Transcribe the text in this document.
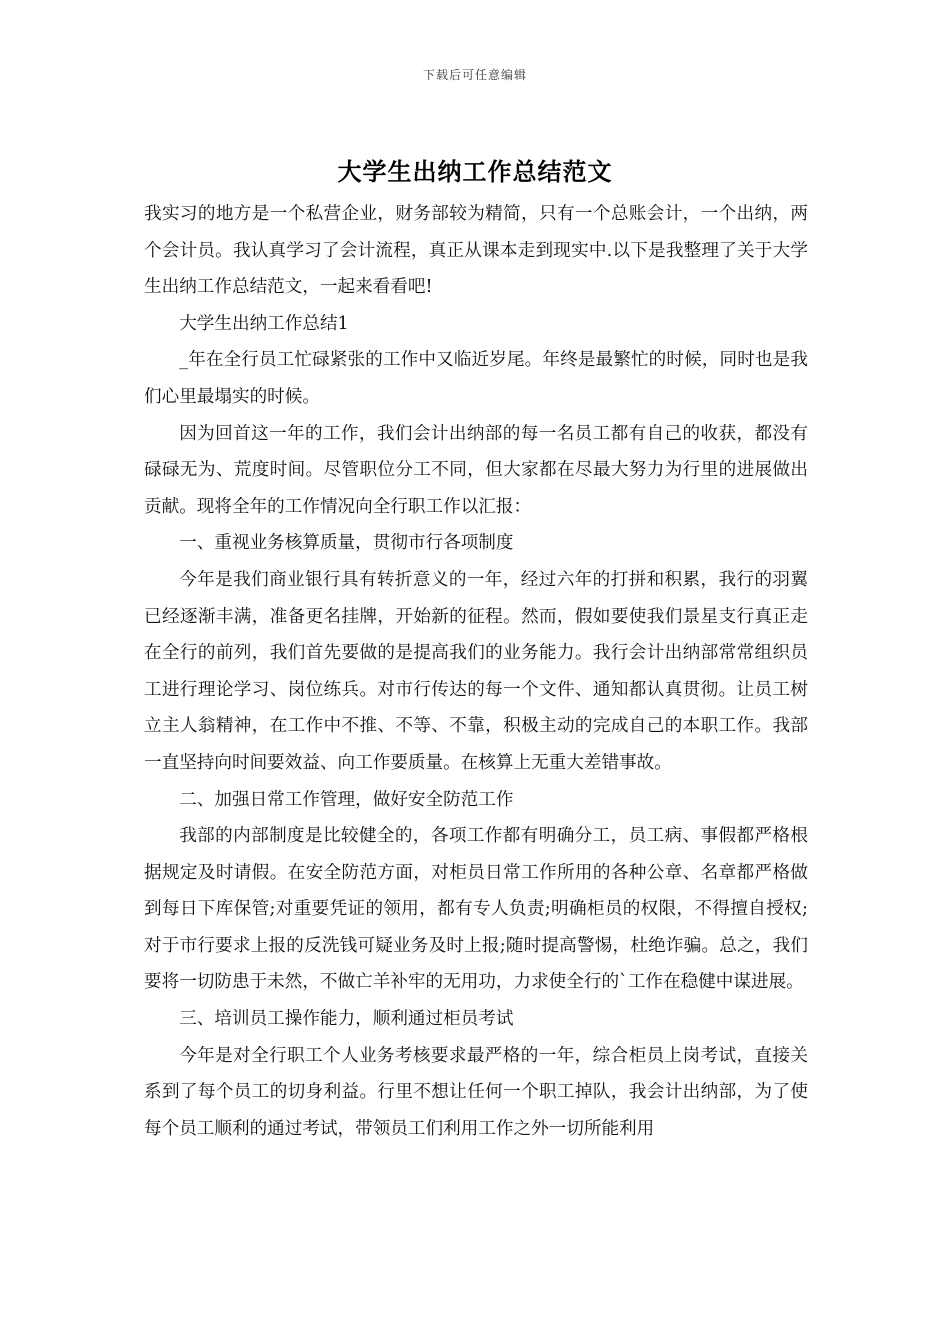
下载后可任意编辑
大学生出纳工作总结范文

我实习的地方是一个私营企业，财务部较为精简，只有一个总账会计，一个出纳，两个会计员。我认真学习了会计流程，真正从课本走到现实中.以下是我整理了关于大学生出纳工作总结范文，一起来看看吧!

大学生出纳工作总结1

_年在全行员工忙碌紧张的工作中又临近岁尾。年终是最繁忙的时候，同时也是我们心里最塌实的时候。

因为回首这一年的工作，我们会计出纳部的每一名员工都有自己的收获，都没有碌碌无为、荒度时间。尽管职位分工不同，但大家都在尽最大努力为行里的进展做出贡献。现将全年的工作情况向全行职工作以汇报：

一、重视业务核算质量，贯彻市行各项制度

今年是我们商业银行具有转折意义的一年，经过六年的打拼和积累，我行的羽翼已经逐渐丰满，准备更名挂牌，开始新的征程。然而，假如要使我们景星支行真正走在全行的前列，我们首先要做的是提高我们的业务能力。我行会计出纳部常常组织员工进行理论学习、岗位练兵。对市行传达的每一个文件、通知都认真贯彻。让员工树立主人翁精神，在工作中不推、不等、不靠，积极主动的完成自己的本职工作。我部一直坚持向时间要效益、向工作要质量。在核算上无重大差错事故。

二、加强日常工作管理，做好安全防范工作

我部的内部制度是比较健全的，各项工作都有明确分工，员工病、事假都严格根据规定及时请假。在安全防范方面，对柜员日常工作所用的各种公章、名章都严格做到每日下库保管;对重要凭证的领用，都有专人负责;明确柜员的权限，不得擅自授权;对于市行要求上报的反洗钱可疑业务及时上报;随时提高警惕，杜绝诈骗。总之，我们要将一切防患于未然，不做亡羊补牢的无用功，力求使全行的`工作在稳健中谋进展。

三、培训员工操作能力，顺利通过柜员考试

今年是对全行职工个人业务考核要求最严格的一年，综合柜员上岗考试，直接关系到了每个员工的切身利益。行里不想让任何一个职工掉队，我会计出纳部，为了使每个员工顺利的通过考试，带领员工们利用工作之外一切所能利用
